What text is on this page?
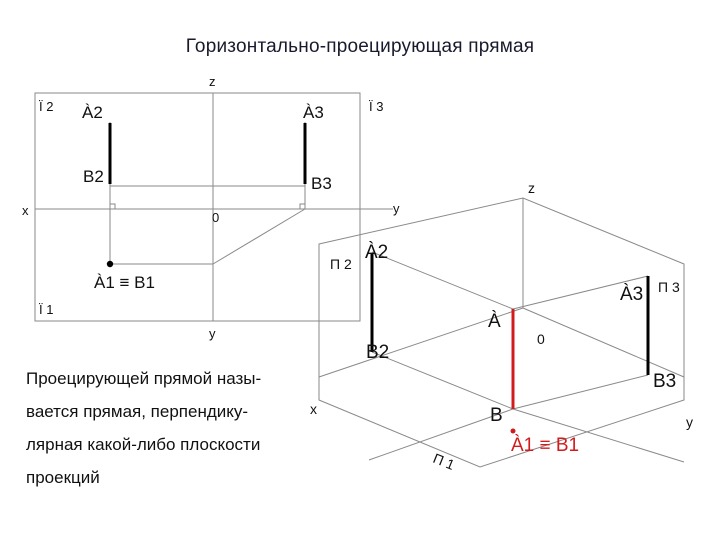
Горизонтально-проецирующая прямая
z
x	y
y
0
Ï 2	Ï 3
Ï 1
À2
B2
À3
B3
À1 ≡ B1
z
x
y
0
П 2
П 3
П 1
À2
B2
À3
B3
À
B
À1 ≡ B1
Проецирующей прямой назы-
вается прямая, перпендику-
лярная какой-либо плоскости
проекций
